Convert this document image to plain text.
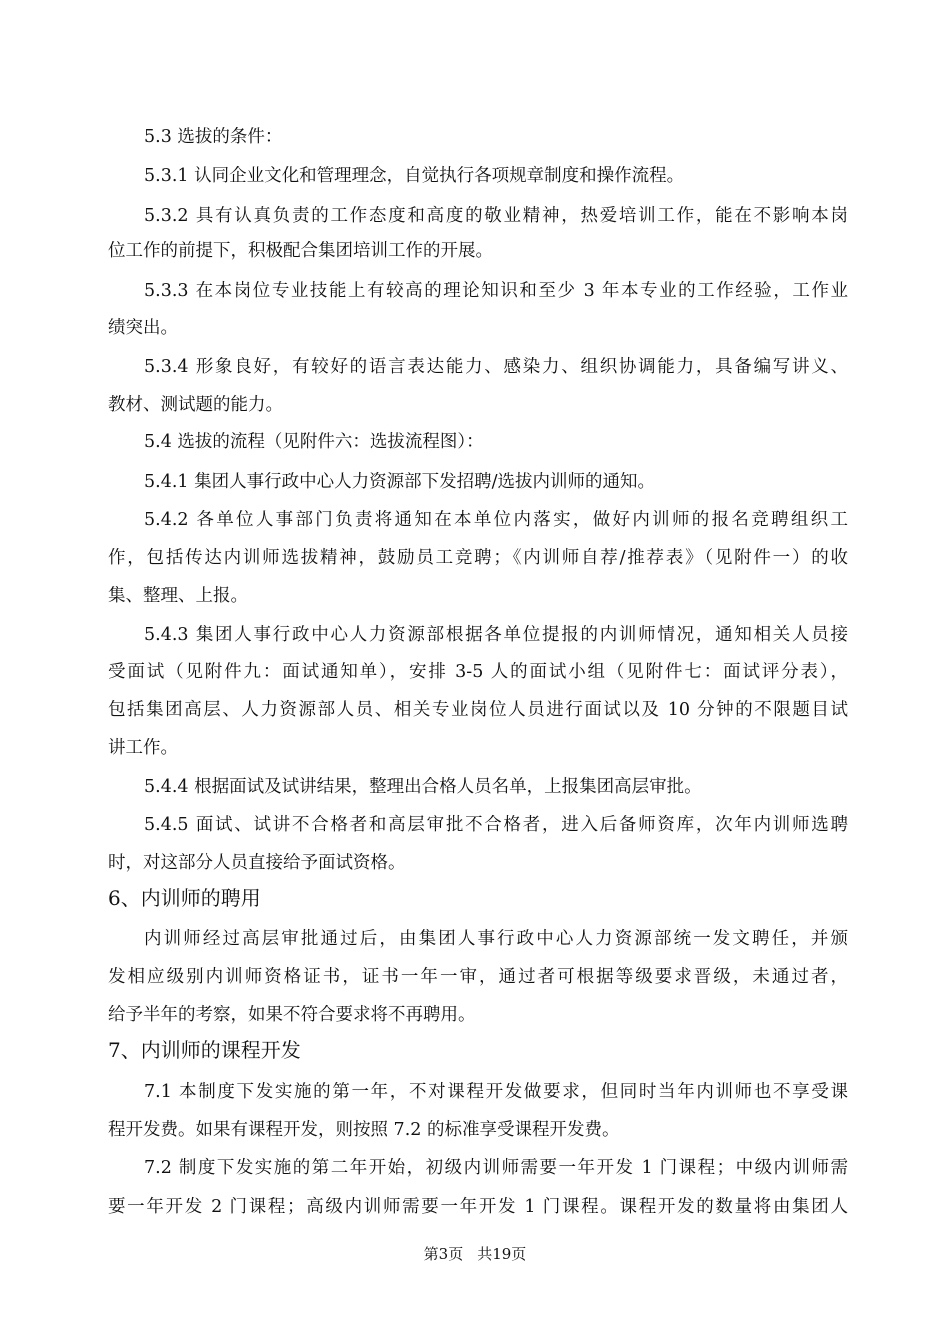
5.3 选拔的条件：
5.3.1 认同企业文化和管理理念，自觉执行各项规章制度和操作流程。
5.3.2 具有认真负责的工作态度和高度的敬业精神，热爱培训工作，能在不影响本岗
位工作的前提下，积极配合集团培训工作的开展。
5.3.3 在本岗位专业技能上有较高的理论知识和至少 3 年本专业的工作经验，工作业
绩突出。
5.3.4 形象良好，有较好的语言表达能力、感染力、组织协调能力，具备编写讲义、
教材、测试题的能力。
5.4 选拔的流程（见附件六：选拔流程图）：
5.4.1 集团人事行政中心人力资源部下发招聘/选拔内训师的通知。
5.4.2 各单位人事部门负责将通知在本单位内落实，做好内训师的报名竞聘组织工
作，包括传达内训师选拔精神，鼓励员工竞聘；《内训师自荐/推荐表》（见附件一）的收
集、整理、上报。
5.4.3 集团人事行政中心人力资源部根据各单位提报的内训师情况，通知相关人员接
受面试（见附件九：面试通知单），安排 3-5 人的面试小组（见附件七：面试评分表），
包括集团高层、人力资源部人员、相关专业岗位人员进行面试以及 10 分钟的不限题目试
讲工作。
5.4.4 根据面试及试讲结果，整理出合格人员名单，上报集团高层审批。
5.4.5 面试、试讲不合格者和高层审批不合格者，进入后备师资库，次年内训师选聘
时，对这部分人员直接给予面试资格。
6、内训师的聘用
内训师经过高层审批通过后，由集团人事行政中心人力资源部统一发文聘任，并颁
发相应级别内训师资格证书，证书一年一审，通过者可根据等级要求晋级，未通过者，
给予半年的考察，如果不符合要求将不再聘用。
7、内训师的课程开发
7.1 本制度下发实施的第一年，不对课程开发做要求，但同时当年内训师也不享受课
程开发费。如果有课程开发，则按照 7.2 的标准享受课程开发费。
7.2 制度下发实施的第二年开始，初级内训师需要一年开发 1 门课程；中级内训师需
要一年开发 2 门课程；高级内训师需要一年开发 1 门课程。课程开发的数量将由集团人
第3页 共19页
